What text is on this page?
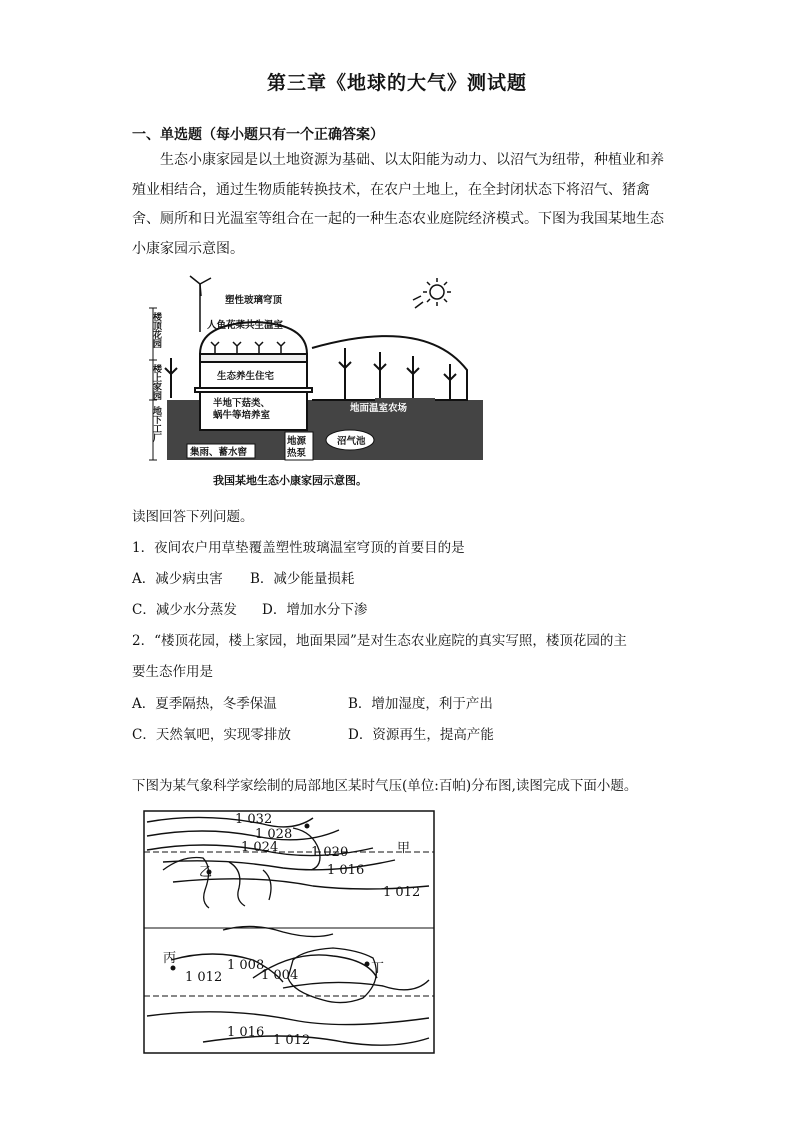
第三章《地球的大气》测试题
一、单选题（每小题只有一个正确答案）
生态小康家园是以土地资源为基础、以太阳能为动力、以沼气为纽带，种植业和养殖业相结合，通过生物质能转换技术，在农户土地上，在全封闭状态下将沼气、猪禽舍、厕所和日光温室等组合在一起的一种生态农业庭院经济模式。下图为我国某地生态小康家园示意图。
塑性玻璃穹顶
人鱼花菜共生温室
生态养生住宅
半地下菇类、
蜗牛等培养室
地面温室农场
集雨、蓄水窖
地源
热泵
沼气池
楼顶花园
楼上家园
地下工厂
我国某地生态小康家园示意图。
读图回答下列问题。
1．夜间农户用草垫覆盖塑性玻璃温室穹顶的首要目的是
A．减少病虫害 B．减少能量损耗
C．减少水分蒸发 D．增加水分下渗
2．“楼顶花园，楼上家园，地面果园”是对生态农业庭院的真实写照，楼顶花园的主
要生态作用是
A．夏季隔热，冬季保温	B．增加湿度，利于产出
C．天然氧吧，实现零排放	D．资源再生，提高产能
下图为某气象科学家绘制的局部地区某时气压(单位:百帕)分布图,读图完成下面小题。
1 032
1 028
1 024	1 020
1 016
1 012
1 008
1 004
1 012
1 016
1 012
甲
乙
丙
丁
